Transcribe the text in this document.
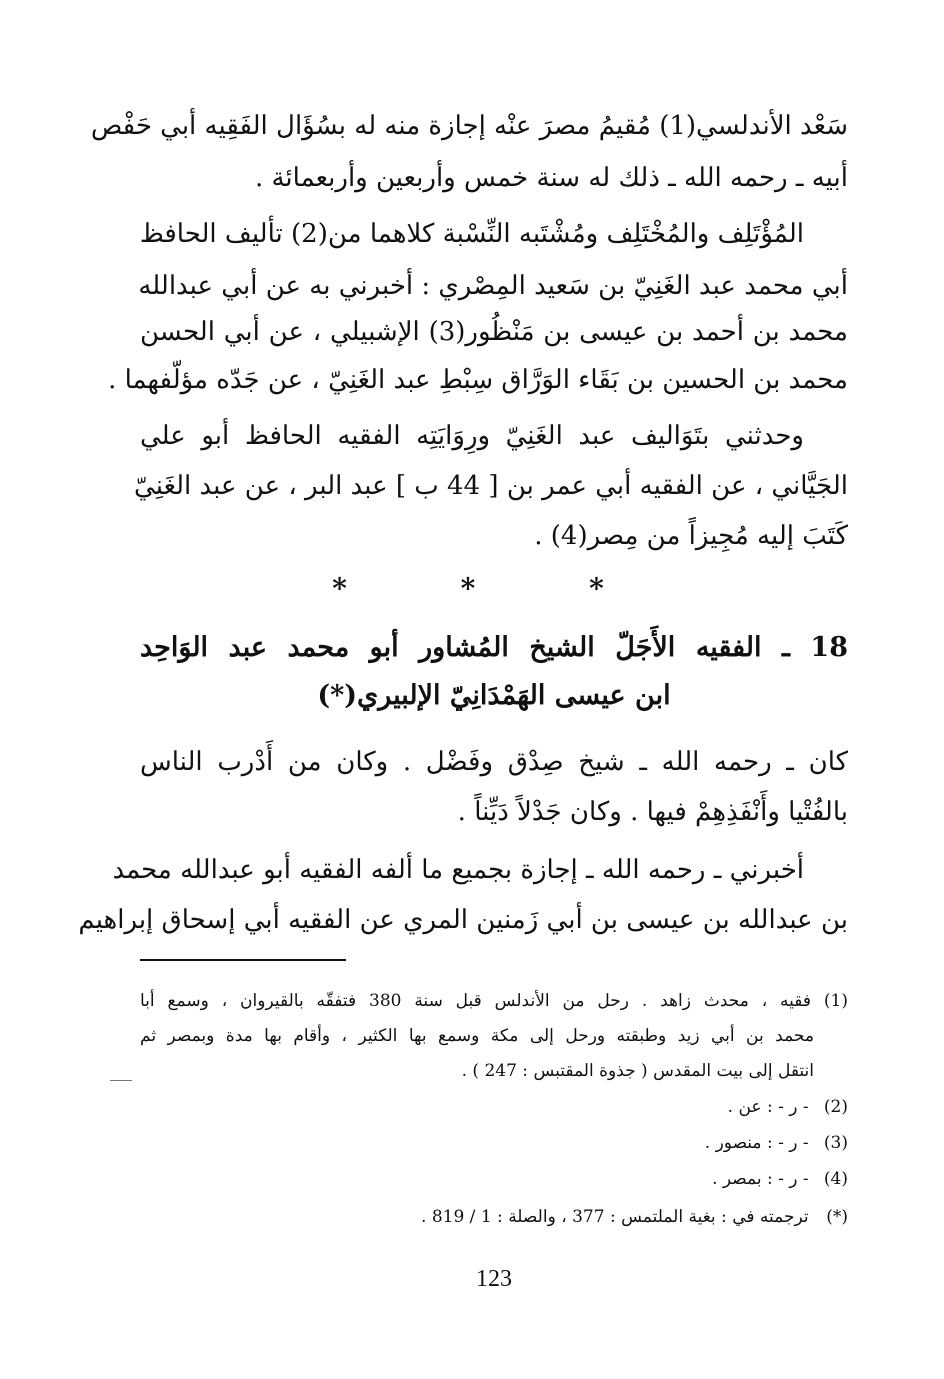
سَعْد الأندلسي(1) مُقيمُ مصرَ عنْه إجازة منه له بسُؤَال الفَقِيه أبي حَفْص
أبيه ـ رحمه الله ـ ذلك له سنة خمس وأربعين وأربعمائة .
المُؤْتَلِف والمُخْتَلِف ومُشْتَبه النِّسْبة كلاهما من(2) تأليف الحافظ
أبي محمد عبد الغَنِيّ بن سَعيد المِصْري : أخبرني به عن أبي عبدالله
محمد بن أحمد بن عيسى بن مَنْظُور(3) الإشبيلي ، عن أبي الحسن
محمد بن الحسين بن بَقَاء الوَرَّاق سِبْطِ عبد الغَنِيّ ، عن جَدّه مؤلّفهما .
وحدثني بتَوَاليف عبد الغَنِيّ ورِوَايَتِه الفقيه الحافظ أبو علي
الجَيَّاني ، عن الفقيه أبي عمر بن [ 44 ب ] عبد البر ، عن عبد الغَنِيّ
كَتَبَ إليه مُجِيزاً من مِصر(4) .
* * *
18 ـ الفقيه الأَجَلّ الشيخ المُشاور أبو محمد عبد الوَاحِد
ابن عيسى الهَمْدَانِيّ الإلبيري(*)
كان ـ رحمه الله ـ شيخ صِدْق وفَضْل . وكان من أَدْرب الناس
بالفُتْيا وأَنْفَذِهِمْ فيها . وكان جَدْلاً دَيِّناً .
أخبرني ـ رحمه الله ـ إجازة بجميع ما ألفه الفقيه أبو عبدالله محمد
بن عبدالله بن عيسى بن أبي زَمنين المري عن الفقيه أبي إسحاق إبراهيم
(1) فقيه ، محدث زاهد . رحل من الأندلس قبل سنة 380 فتفقّه بالقيروان ، وسمع أبا
محمد بن أبي زيد وطبقته ورحل إلى مكة وسمع بها الكثير ، وأقام بها مدة وبمصر ثم
انتقل إلى بيت المقدس ( جذوة المقتبس : 247 ) .
(2) - ر - : عن .
(3) - ر - : منصور .
(4) - ر - : بمصر .
(*) ترجمته في : بغية الملتمس : 377 ، والصلة : 1 / 819 .
123
